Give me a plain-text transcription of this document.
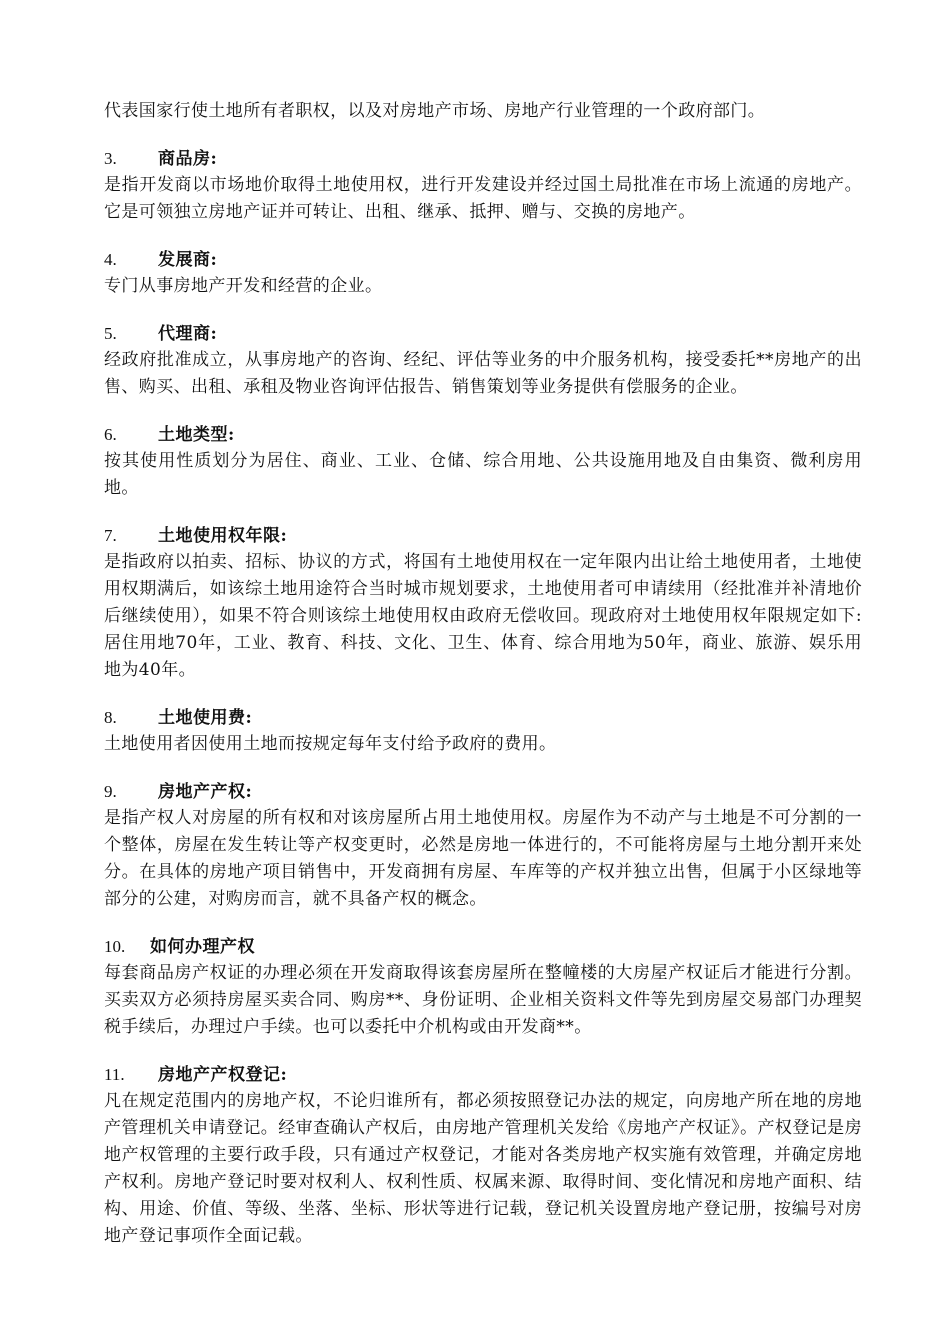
代表国家行使土地所有者职权，以及对房地产市场、房地产行业管理的一个政府部门。

3.	商品房:

是指开发商以市场地价取得土地使用权，进行开发建设并经过国土局批准在市场上流通的房地产。它是可领独立房地产证并可转让、出租、继承、抵押、赠与、交换的房地产。

4.	发展商:

专门从事房地产开发和经营的企业。

5.	代理商:

经政府批准成立，从事房地产的咨询、经纪、评估等业务的中介服务机构，接受委托**房地产的出售、购买、出租、承租及物业咨询评估报告、销售策划等业务提供有偿服务的企业。

6.	土地类型:

按其使用性质划分为居住、商业、工业、仓储、综合用地、公共设施用地及自由集资、微利房用地。

7.	土地使用权年限:

是指政府以拍卖、招标、协议的方式，将国有土地使用权在一定年限内出让给土地使用者，土地使用权期满后，如该综土地用途符合当时城市规划要求，土地使用者可申请续用（经批准并补清地价后继续使用），如果不符合则该综土地使用权由政府无偿收回。现政府对土地使用权年限规定如下: 居住用地70年，工业、教育、科技、文化、卫生、体育、综合用地为50年，商业、旅游、娱乐用地为40年。

8.	土地使用费:

土地使用者因使用土地而按规定每年支付给予政府的费用。

9.	房地产产权:

是指产权人对房屋的所有权和对该房屋所占用土地使用权。房屋作为不动产与土地是不可分割的一个整体，房屋在发生转让等产权变更时，必然是房地一体进行的，不可能将房屋与土地分割开来处分。在具体的房地产项目销售中，开发商拥有房屋、车库等的产权并独立出售，但属于小区绿地等部分的公建，对购房而言，就不具备产权的概念。

10.	如何办理产权

每套商品房产权证的办理必须在开发商取得该套房屋所在整幢楼的大房屋产权证后才能进行分割。买卖双方必须持房屋买卖合同、购房**、身份证明、企业相关资料文件等先到房屋交易部门办理契税手续后，办理过户手续。也可以委托中介机构或由开发商**。

11.	房地产产权登记:

凡在规定范围内的房地产权，不论归谁所有，都必须按照登记办法的规定，向房地产所在地的房地产管理机关申请登记。经审查确认产权后，由房地产管理机关发给《房地产产权证》。产权登记是房地产权管理的主要行政手段，只有通过产权登记，才能对各类房地产权实施有效管理，并确定房地产权利。房地产登记时要对权利人、权利性质、权属来源、取得时间、变化情况和房地产面积、结构、用途、价值、等级、坐落、坐标、形状等进行记载，登记机关设置房地产登记册，按编号对房地产登记事项作全面记载。
